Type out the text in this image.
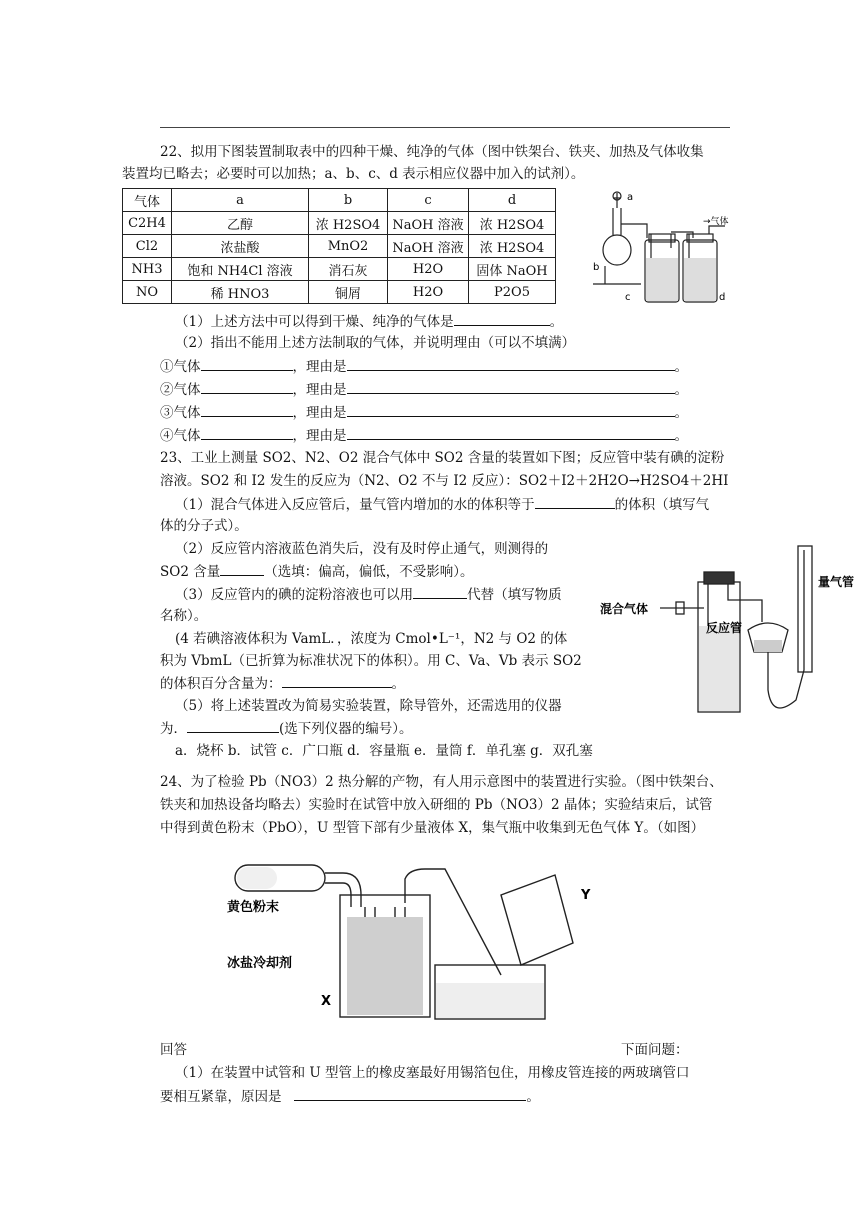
22、拟用下图装置制取表中的四种干燥、纯净的气体（图中铁架台、铁夹、加热及气体收集
装置均已略去；必要时可以加热；a、b、c、d 表示相应仪器中加入的试剂）。
气体	a	b	c	d
C2H4	乙醇	浓 H2SO4	NaOH 溶液	浓 H2SO4
Cl2	浓盐酸	MnO2	NaOH 溶液	浓 H2SO4
NH3	饱和 NH4Cl 溶液	消石灰	H2O	固体 NaOH
NO	稀 HNO3	铜屑	H2O	P2O5
a
b
c	d
→气体
（1）上述方法中可以得到干燥、纯净的气体是	。
（2）指出不能用上述方法制取的气体，并说明理由（可以不填满）
①气体	，理由是	。
②气体	，理由是	。
③气体	，理由是	。
④气体	，理由是	。
23、工业上测量 SO2、N2、O2 混合气体中 SO2 含量的装置如下图；反应管中装有碘的淀粉
溶液。SO2 和 I2 发生的反应为（N2、O2 不与 I2 反应）：SO2＋I2＋2H2O→H2SO4＋2HI
（1）混合气体进入反应管后，量气管内增加的水的体积等于	的体积（填写气
体的分子式）。
（2）反应管内溶液蓝色消失后，没有及时停止通气，则测得的
SO2 含量	（选填：偏高，偏低，不受影响）。
（3）反应管内的碘的淀粉溶液也可以用	代替（填写物质
名称）。
(4 若碘溶液体积为 VamL．，浓度为 Cmol•L⁻¹，N2 与 O2 的体
积为 VbmL（已折算为标准状况下的体积）。用 C、Va、Vb 表示 SO2
的体积百分含量为：	。
（5）将上述装置改为简易实验装置，除导管外，还需选用的仪器
为．	(选下列仪器的编号）。
a．烧杯 b．试管 c．广口瓶 d．容量瓶 e．量筒 f．单孔塞 g．双孔塞
混合气体
反应管
量气管
24、为了检验 Pb（NO3）2 热分解的产物，有人用示意图中的装置进行实验。（图中铁架台、
铁夹和加热设备均略去）实验时在试管中放入研细的 Pb（NO3）2 晶体；实验结束后，试管
中得到黄色粉末（PbO），U 型管下部有少量液体 X，集气瓶中收集到无色气体 Y。（如图）
黄色粉末
冰盐冷却剂
X
Y
回答	下面问题：
（1）在装置中试管和 U 型管上的橡皮塞最好用锡箔包住，用橡皮管连接的两玻璃管口
要相互紧靠，原因是	。
